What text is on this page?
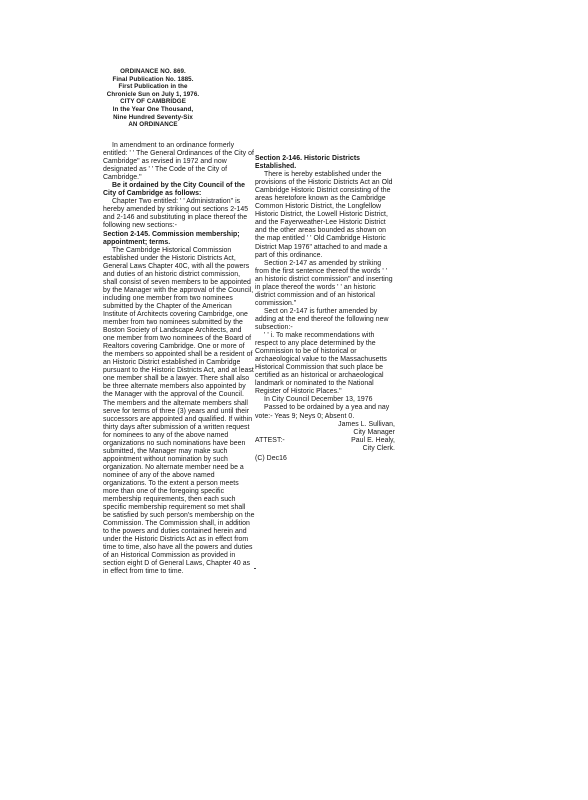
ORDINANCE NO. 869.
Final Publication No. 1885.
First Publication in the
Chronicle Sun on July 1, 1976.
CITY OF CAMBRIDGE
In the Year One Thousand,
Nine Hundred Seventy-Six
AN ORDINANCE

In amendment to an ordinance formerly entitled: ' ' The General Ordinances of the City of Cambridge" as revised in 1972 and now designated as ' ' The Code of the City of Cambridge."

Be it ordained by the City Council of the City of Cambridge as follows:

Chapter Two entitled: ' ' Administration" is hereby amended by striking out sections 2-145 and 2-146 and substituting in place thereof the following new sections:-

Section 2-145. Commission membership; appointment; terms.

The Cambridge Historical Commission established under the Historic Districts Act, General Laws Chapter 40C, with all the powers and duties of an historic district commission, shall consist of seven members to be appointed by the Manager with the approval of the Council, including one member from two nominees submitted by the Chapter of the American Institute of Architects covering Cambridge, one member from two nominees submitted by the Boston Society of Landscape Architects, and one member from two nominees of the Board of Realtors covering Cambridge. One or more of the members so appointed shall be a resident of an Historic District established in Cambridge pursuant to the Historic Districts Act, and at least one member shall be a lawyer. There shall also be three alternate members also appointed by the Manager with the approval of the Council. The members and the alternate members shall serve for terms of three (3) years and until their successors are appointed and qualified. If within thirty days after submission of a written request for nominees to any of the above named organizations no such nominations have been submitted, the Manager may make such appointment without nomination by such organization. No alternate member need be a nominee of any of the above named organizations. To the extent a person meets more than one of the foregoing specific membership requirements, then each such specific membership requirement so met shall be satisfied by such person's membership on the Commission. The Commission shall, in addition to the powers and duties contained herein and under the Historic Districts Act as in effect from time to time, also have all the powers and duties of an Historical Commission as provided in section eight D of General Laws, Chapter 40 as in effect from time to time.

Section 2-146. Historic Districts Established.

There is hereby established under the provisions of the Historic Districts Act an Old Cambridge Historic District consisting of the areas heretofore known as the Cambridge Common Historic District, the Longfellow Historic District, the Lowell Historic District, and the Fayerweather-Lee Historic District and the other areas bounded as shown on the map entitled ' ' Old Cambridge Historic District Map 1976" attached to and made a part of this ordinance.

Section 2-147 as amended by striking from the first sentence thereof the words ' ' an historic district commission" and inserting in place thereof the words ' ' an historic district commission and of an historical commission."

Sect on 2-147 is further amended by adding at the end thereof the following new subsection:-

' ' i. To make recommendations with respect to any place determined by the Commission to be of historical or archaeological value to the Massachusetts Historical Commission that such place be certified as an historical or archaeological landmark or nominated to the National Register of Historic Places."

In City Council December 13, 1976

Passed to be ordained by a yea and nay vote:- Yeas 9; Neys 0; Absent 0.

James L. Sullivan,
City Manager
ATTEST:-	Paul E. Healy,
City Clerk.
(C) Dec16
